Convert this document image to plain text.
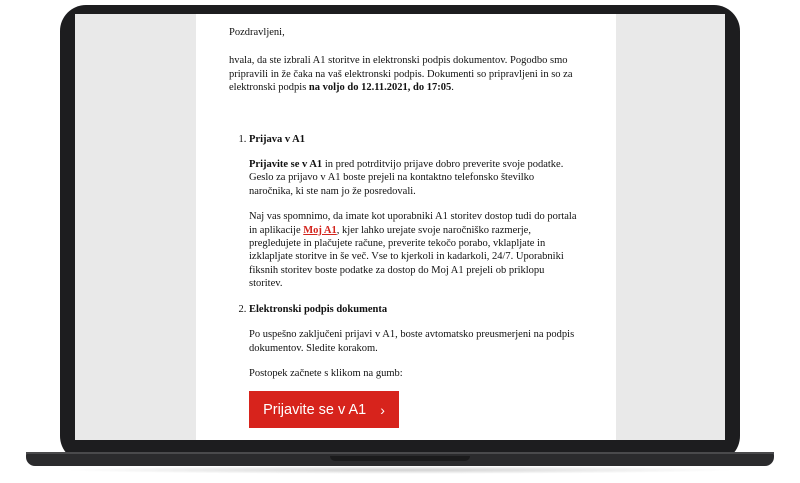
Pozdravljeni,

hvala, da ste izbrali A1 storitve in elektronski podpis dokumentov. Pogodbo smo pripravili in že čaka na vaš elektronski podpis. Dokumenti so pripravljeni in so za elektronski podpis na voljo do 12.11.2021, do 17:05.

1. Prijava v A1

Prijavite se v A1 in pred potrditvijo prijave dobro preverite svoje podatke. Geslo za prijavo v A1 boste prejeli na kontaktno telefonsko številko naročnika, ki ste nam jo že posredovali.

Naj vas spomnimo, da imate kot uporabniki A1 storitev dostop tudi do portala in aplikacije Moj A1, kjer lahko urejate svoje naročniško razmerje, pregledujete in plačujete račune, preverite tekočo porabo, vklapljate in izklapljate storitve in še več. Vse to kjerkoli in kadarkoli, 24/7. Uporabniki fiksnih storitev boste podatke za dostop do Moj A1 prejeli ob priklopu storitev.

2. Elektronski podpis dokumenta

Po uspešno zaključeni prijavi v A1, boste avtomatsko preusmerjeni na podpis dokumentov. Sledite korakom.

Postopek začnete s klikom na gumb:

Prijavite se v A1 ›
